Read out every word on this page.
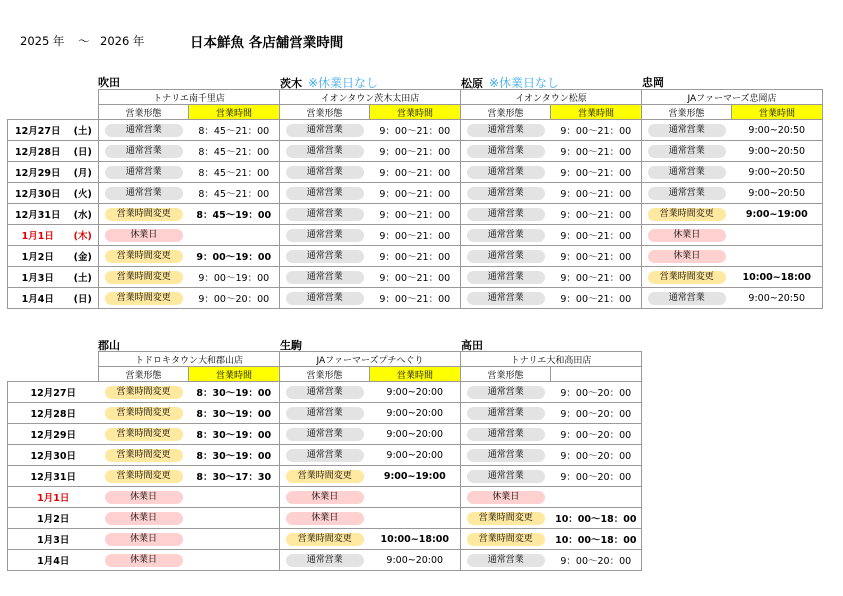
2025 年 ～ 2026 年	日本鮮魚 各店舗営業時間
吹田	茨木 ※休業日なし	松原 ※休業日なし	忠岡
		トナリエ南千里店		イオンタウン茨木太田店		イオンタウン松原		JAファーマーズ忠岡店	
		営業形態	営業時間	営業形態	営業時間	営業形態	営業時間	営業形態	営業時間
12月27日	(土)	通常営業	8：45～21：00	通常営業	9：00～21：00	通常営業	9：00～21：00	通常営業	9:00~20:50
12月28日	(日)	通常営業	8：45～21：00	通常営業	9：00～21：00	通常営業	9：00～21：00	通常営業	9:00~20:50
12月29日	(月)	通常営業	8：45～21：00	通常営業	9：00～21：00	通常営業	9：00～21：00	通常営業	9:00~20:50
12月30日	(火)	通常営業	8：45～21：00	通常営業	9：00～21：00	通常営業	9：00～21：00	通常営業	9:00~20:50
12月31日	(水)	営業時間変更	8：45～19：00	通常営業	9：00～21：00	通常営業	9：00～21：00	営業時間変更	9:00~19:00
1月1日	(木)	休業日		通常営業	9：00～21：00	通常営業	9：00～21：00	休業日	
1月2日	(金)	営業時間変更	9：00～19：00	通常営業	9：00～21：00	通常営業	9：00～21：00	休業日	
1月3日	(土)	営業時間変更	9：00～19：00	通常営業	9：00～21：00	通常営業	9：00～21：00	営業時間変更	10:00~18:00
1月4日	(日)	営業時間変更	9：00～20：00	通常営業	9：00～21：00	通常営業	9：00～21：00	通常営業	9:00~20:50
郡山	生駒	高田
	トドロキタウン大和郡山店		JAファーマーズプチへぐり		トナリエ大和高田店	
	営業形態	営業時間	営業形態	営業時間	営業形態	
12月27日	営業時間変更	8：30～19：00	通常営業	9:00~20:00	通常営業	9：00～20：00
12月28日	営業時間変更	8：30～19：00	通常営業	9:00~20:00	通常営業	9：00～20：00
12月29日	営業時間変更	8：30～19：00	通常営業	9:00~20:00	通常営業	9：00～20：00
12月30日	営業時間変更	8：30～19：00	通常営業	9:00~20:00	通常営業	9：00～20：00
12月31日	営業時間変更	8：30～17：30	営業時間変更	9:00~19:00	通常営業	9：00～20：00
1月1日	休業日		休業日		休業日	
1月2日	休業日		休業日		営業時間変更	10：00～18：00
1月3日	休業日		営業時間変更	10:00~18:00	営業時間変更	10：00～18：00
1月4日	休業日		通常営業	9:00~20:00	通常営業	9：00～20：00
